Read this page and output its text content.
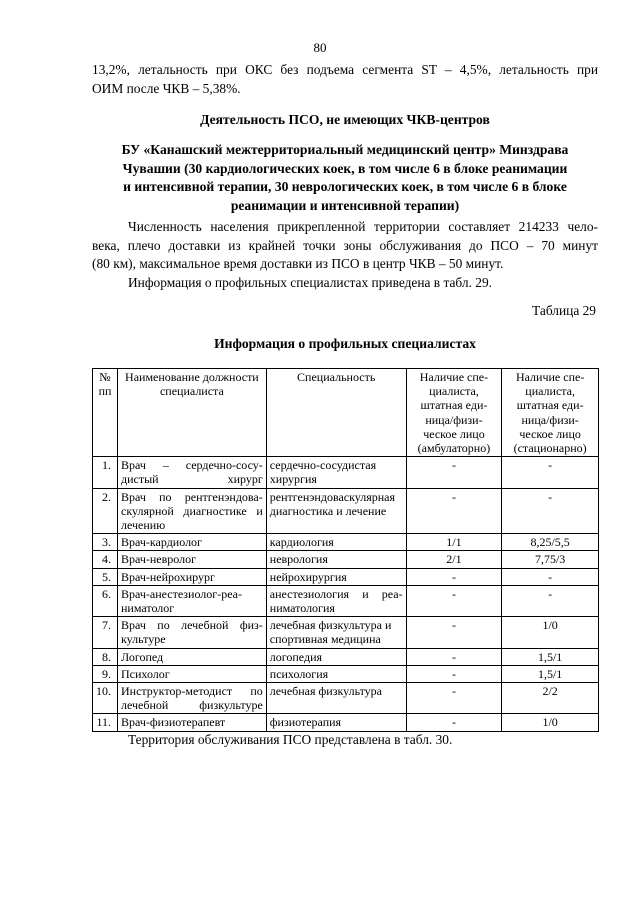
80
13,2%, летальность при ОКС без подъема сегмента ST – 4,5%, летальность при
ОИМ после ЧКВ – 5,38%.
Деятельность ПСО, не имеющих ЧКВ-центров
БУ «Канашский межтерриториальный медицинский центр» Минздрава
Чувашии (30 кардиологических коек, в том числе 6 в блоке реанимации
и интенсивной терапии, 30 неврологических коек, в том числе 6 в блоке
реанимации и интенсивной терапии)
Численность населения прикрепленной территории составляет 214233 чело-
века, плечо доставки из крайней точки зоны обслуживания до ПСО – 70 минут
(80 км), максимальное время доставки из ПСО в центр ЧКВ – 50 минут.
Информация о профильных специалистах приведена в табл. 29.
Таблица 29
Информация о профильных специалистах
№ пп	Наименование должности специалиста	Специальность	Наличие спе-циалиста, штатная еди-ница/физи-ческое лицо (амбулаторно)	Наличие спе-циалиста, штатная еди-ница/физи-ческое лицо (стационарно)
1.	Врач – сердечно-сосу-дистый хирург	сердечно-сосудистая хирургия	-	-
2.	Врач по рентгенэндова-скулярной диагностике и лечению	рентгенэндоваскулярная диагностика и лечение	-	-
3.	Врач-кардиолог	кардиология	1/1	8,25/5,5
4.	Врач-невролог	неврология	2/1	7,75/3
5.	Врач-нейрохирург	нейрохирургия	-	-
6.	Врач-анестезиолог-реа-ниматолог	анестезиология и реа-ниматология	-	-
7.	Врач по лечебной физ-культуре	лечебная физкультура и спортивная медицина	-	1/0
8.	Логопед	логопедия	-	1,5/1
9.	Психолог	психология	-	1,5/1
10.	Инструктор-методист по лечебной физкультуре	лечебная физкультура	-	2/2
11.	Врач-физиотерапевт	физиотерапия	-	1/0
Территория обслуживания ПСО представлена в табл. 30.
